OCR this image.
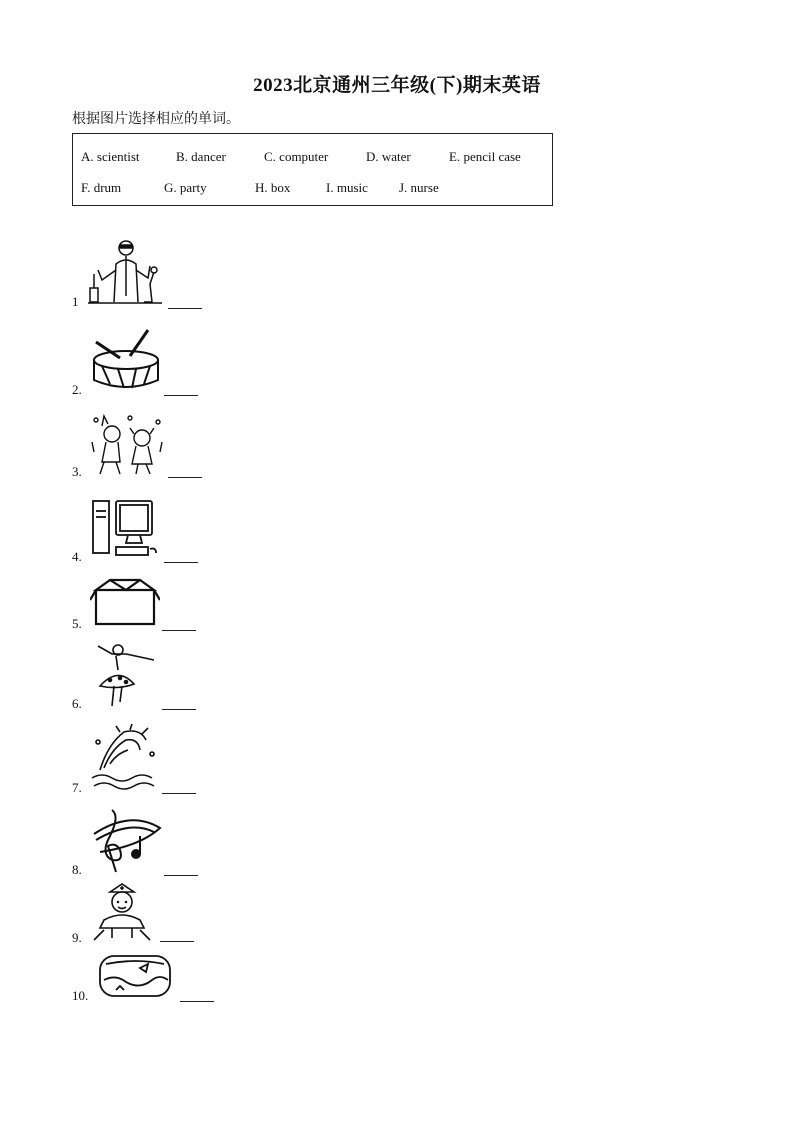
2023北京通州三年级(下)期末英语
根据图片选择相应的单词。
A. scientist	B. dancer	C. computer	D. water	E. pencil case
F. drum	G. party	H. box	I. music J. nurse
1
2.
3.
4.
5.
6.
7.
8.
9.
10.
